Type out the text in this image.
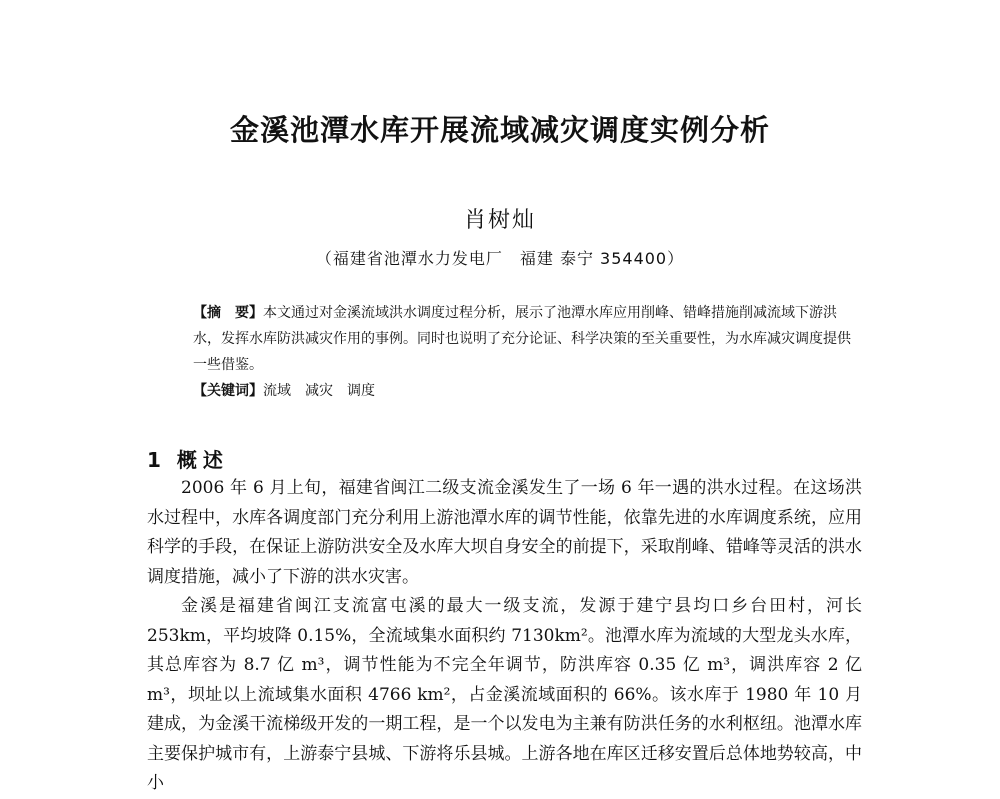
金溪池潭水库开展流域减灾调度实例分析
肖树灿
（福建省池潭水力发电厂　福建 泰宁 354400）

【摘　要】本文通过对金溪流域洪水调度过程分析，展示了池潭水库应用削峰、错峰措施削减流域下游洪水，发挥水库防洪减灾作用的事例。同时也说明了充分论证、科学决策的至关重要性，为水库减灾调度提供一些借鉴。

【关键词】流域　减灾　调度

1 概述

2006 年 6 月上旬，福建省闽江二级支流金溪发生了一场 6 年一遇的洪水过程。在这场洪水过程中，水库各调度部门充分利用上游池潭水库的调节性能，依靠先进的水库调度系统，应用科学的手段，在保证上游防洪安全及水库大坝自身安全的前提下，采取削峰、错峰等灵活的洪水调度措施，减小了下游的洪水灾害。

金溪是福建省闽江支流富屯溪的最大一级支流，发源于建宁县均口乡台田村，河长 253km，平均坡降 0.15%，全流域集水面积约 7130km²。池潭水库为流域的大型龙头水库，其总库容为 8.7 亿 m³，调节性能为不完全年调节，防洪库容 0.35 亿 m³，调洪库容 2 亿 m³，坝址以上流域集水面积 4766 km²，占金溪流域面积的 66%。该水库于 1980 年 10 月建成，为金溪干流梯级开发的一期工程，是一个以发电为主兼有防洪任务的水利枢纽。池潭水库主要保护城市有，上游泰宁县城、下游将乐县城。上游各地在库区迁移安置后总体地势较高，中小
